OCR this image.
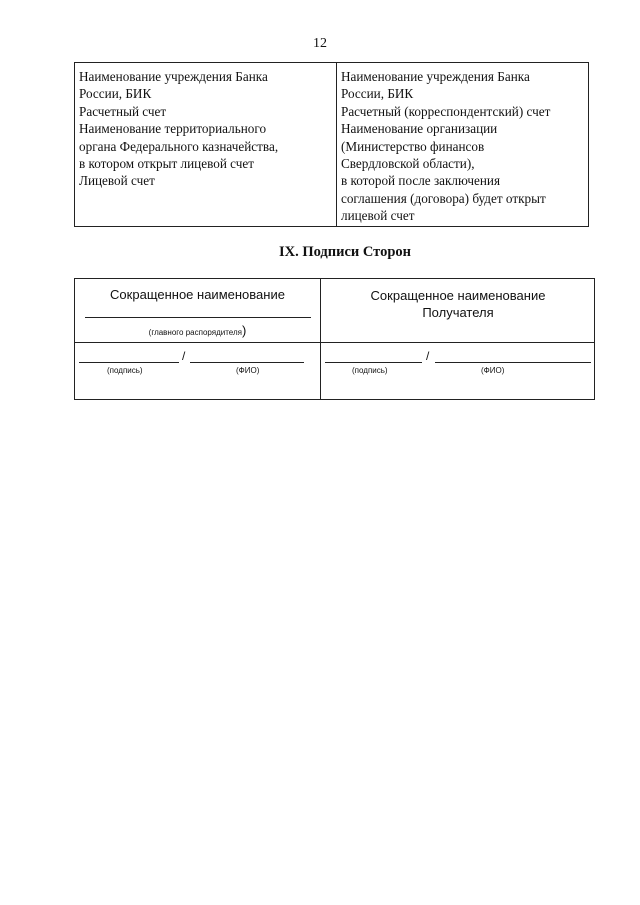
12
Наименование учреждения Банка
России, БИК
Расчетный счет
Наименование территориального
органа Федерального казначейства,
в котором открыт лицевой счет
Лицевой счет
Наименование учреждения Банка
России, БИК
Расчетный (корреспондентский) счет
Наименование организации
(Министерство финансов
Свердловской области),
в которой после заключения
соглашения (договора) будет открыт
лицевой счет
IX. Подписи Сторон
Сокращенное наименование
(главного распорядителя)
Сокращенное наименование
Получателя
/
(подпись)	(ФИО)
/
(подпись)	(ФИО)
